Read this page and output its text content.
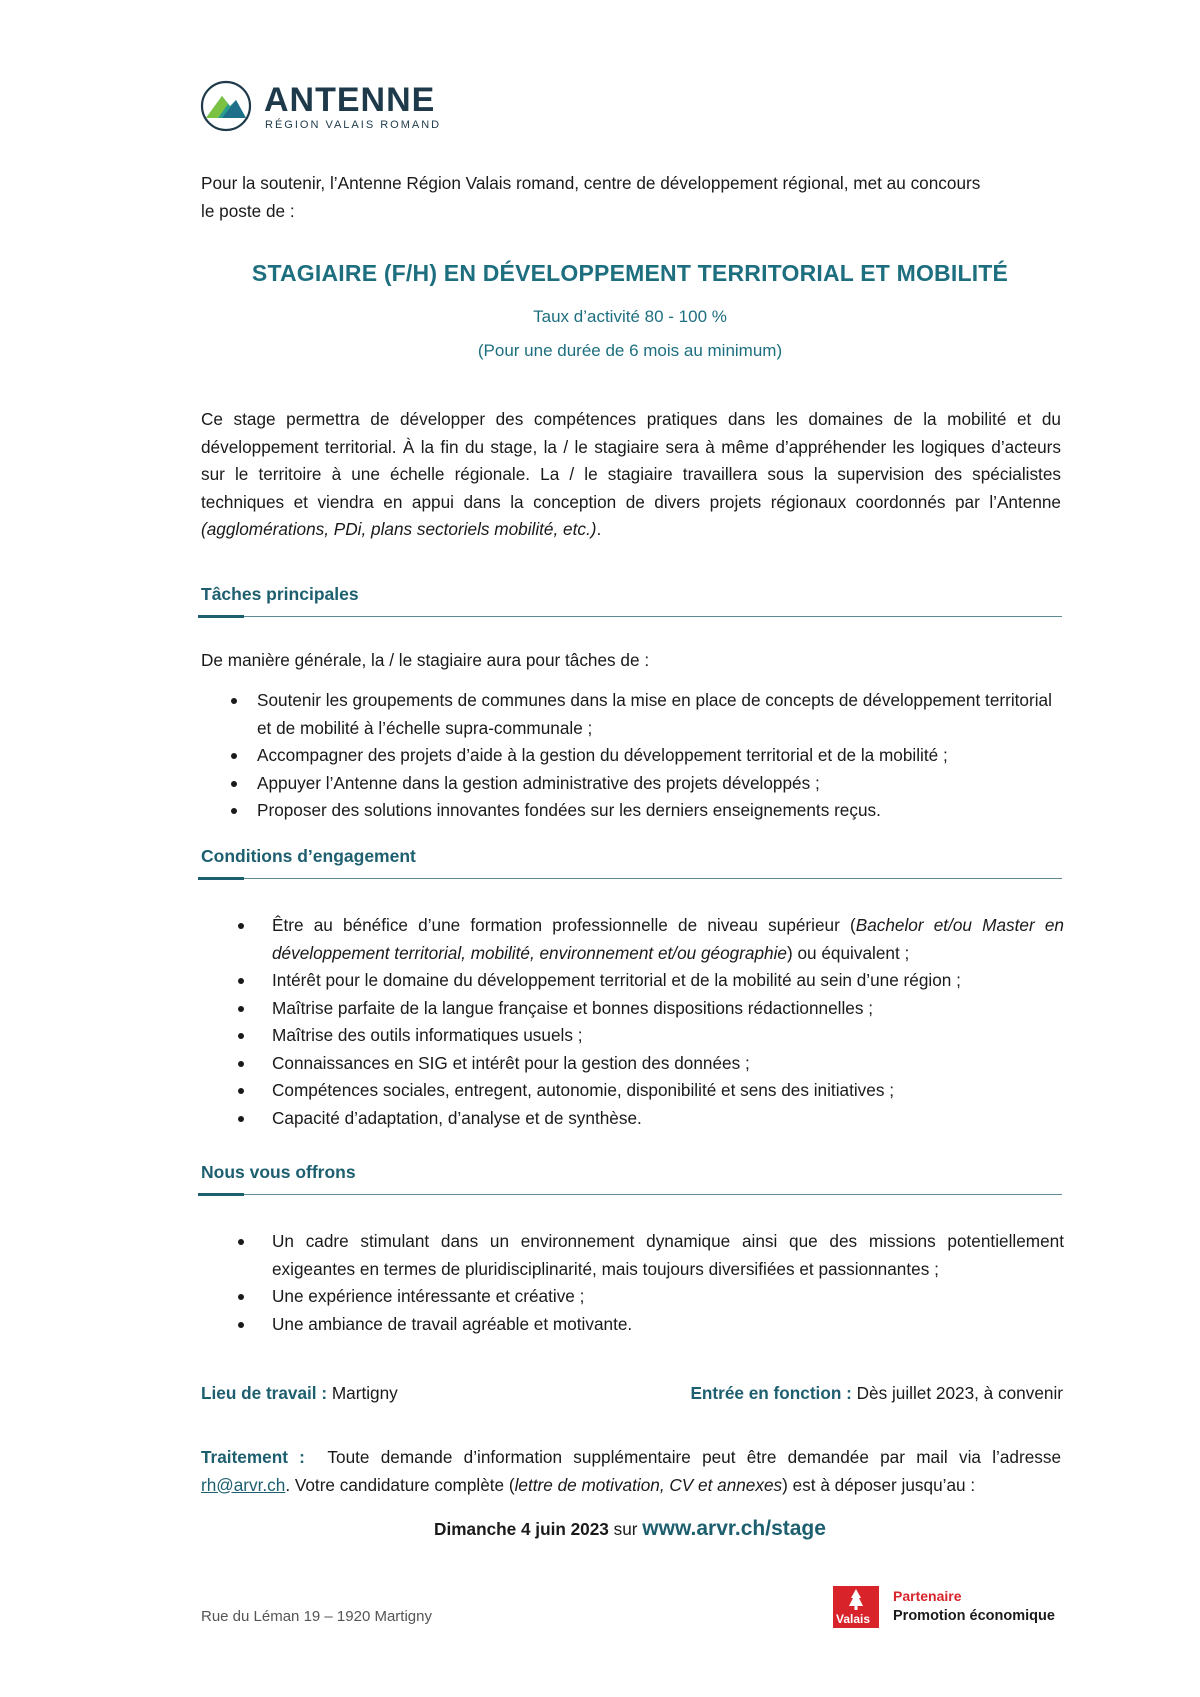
ANTENNE
RÉGION VALAIS ROMAND

Pour la soutenir, l’Antenne Région Valais romand, centre de développement régional, met au concours
le poste de :

STAGIAIRE (F/H) EN DÉVELOPPEMENT TERRITORIAL ET MOBILITÉ
Taux d’activité 80 - 100 %
(Pour une durée de 6 mois au minimum)

Ce stage permettra de développer des compétences pratiques dans les domaines de la mobilité et du développement territorial. À la fin du stage, la / le stagiaire sera à même d’appréhender les logiques d’acteurs sur le territoire à une échelle régionale. La / le stagiaire travaillera sous la supervision des spécialistes techniques et viendra en appui dans la conception de divers projets régionaux coordonnés par l’Antenne (agglomérations, PDi, plans sectoriels mobilité, etc.).

Tâches principales

De manière générale, la / le stagiaire aura pour tâches de :

Soutenir les groupements de communes dans la mise en place de concepts de développement territorial et de mobilité à l’échelle supra-communale ;
Accompagner des projets d’aide à la gestion du développement territorial et de la mobilité ;
Appuyer l’Antenne dans la gestion administrative des projets développés ;
Proposer des solutions innovantes fondées sur les derniers enseignements reçus.
Conditions d’engagement
Être au bénéfice d’une formation professionnelle de niveau supérieur (Bachelor et/ou Master en développement territorial, mobilité, environnement et/ou géographie) ou équivalent ;
Intérêt pour le domaine du développement territorial et de la mobilité au sein d’une région ;
Maîtrise parfaite de la langue française et bonnes dispositions rédactionnelles ;
Maîtrise des outils informatiques usuels ;
Connaissances en SIG et intérêt pour la gestion des données ;
Compétences sociales, entregent, autonomie, disponibilité et sens des initiatives ;
Capacité d’adaptation, d’analyse et de synthèse.
Nous vous offrons
Un cadre stimulant dans un environnement dynamique ainsi que des missions potentiellement exigeantes en termes de pluridisciplinarité, mais toujours diversifiées et passionnantes ;
Une expérience intéressante et créative ;
Une ambiance de travail agréable et motivante.
Lieu de travail : Martigny	Entrée en fonction : Dès juillet 2023, à convenir

Traitement : Toute demande d’information supplémentaire peut être demandée par mail via l’adresse rh@arvr.ch. Votre candidature complète (lettre de motivation, CV et annexes) est à déposer jusqu’au :

Dimanche 4 juin 2023 sur www.arvr.ch/stage
Rue du Léman 19 – 1920 Martigny	Valais
Partenaire
Promotion économique
